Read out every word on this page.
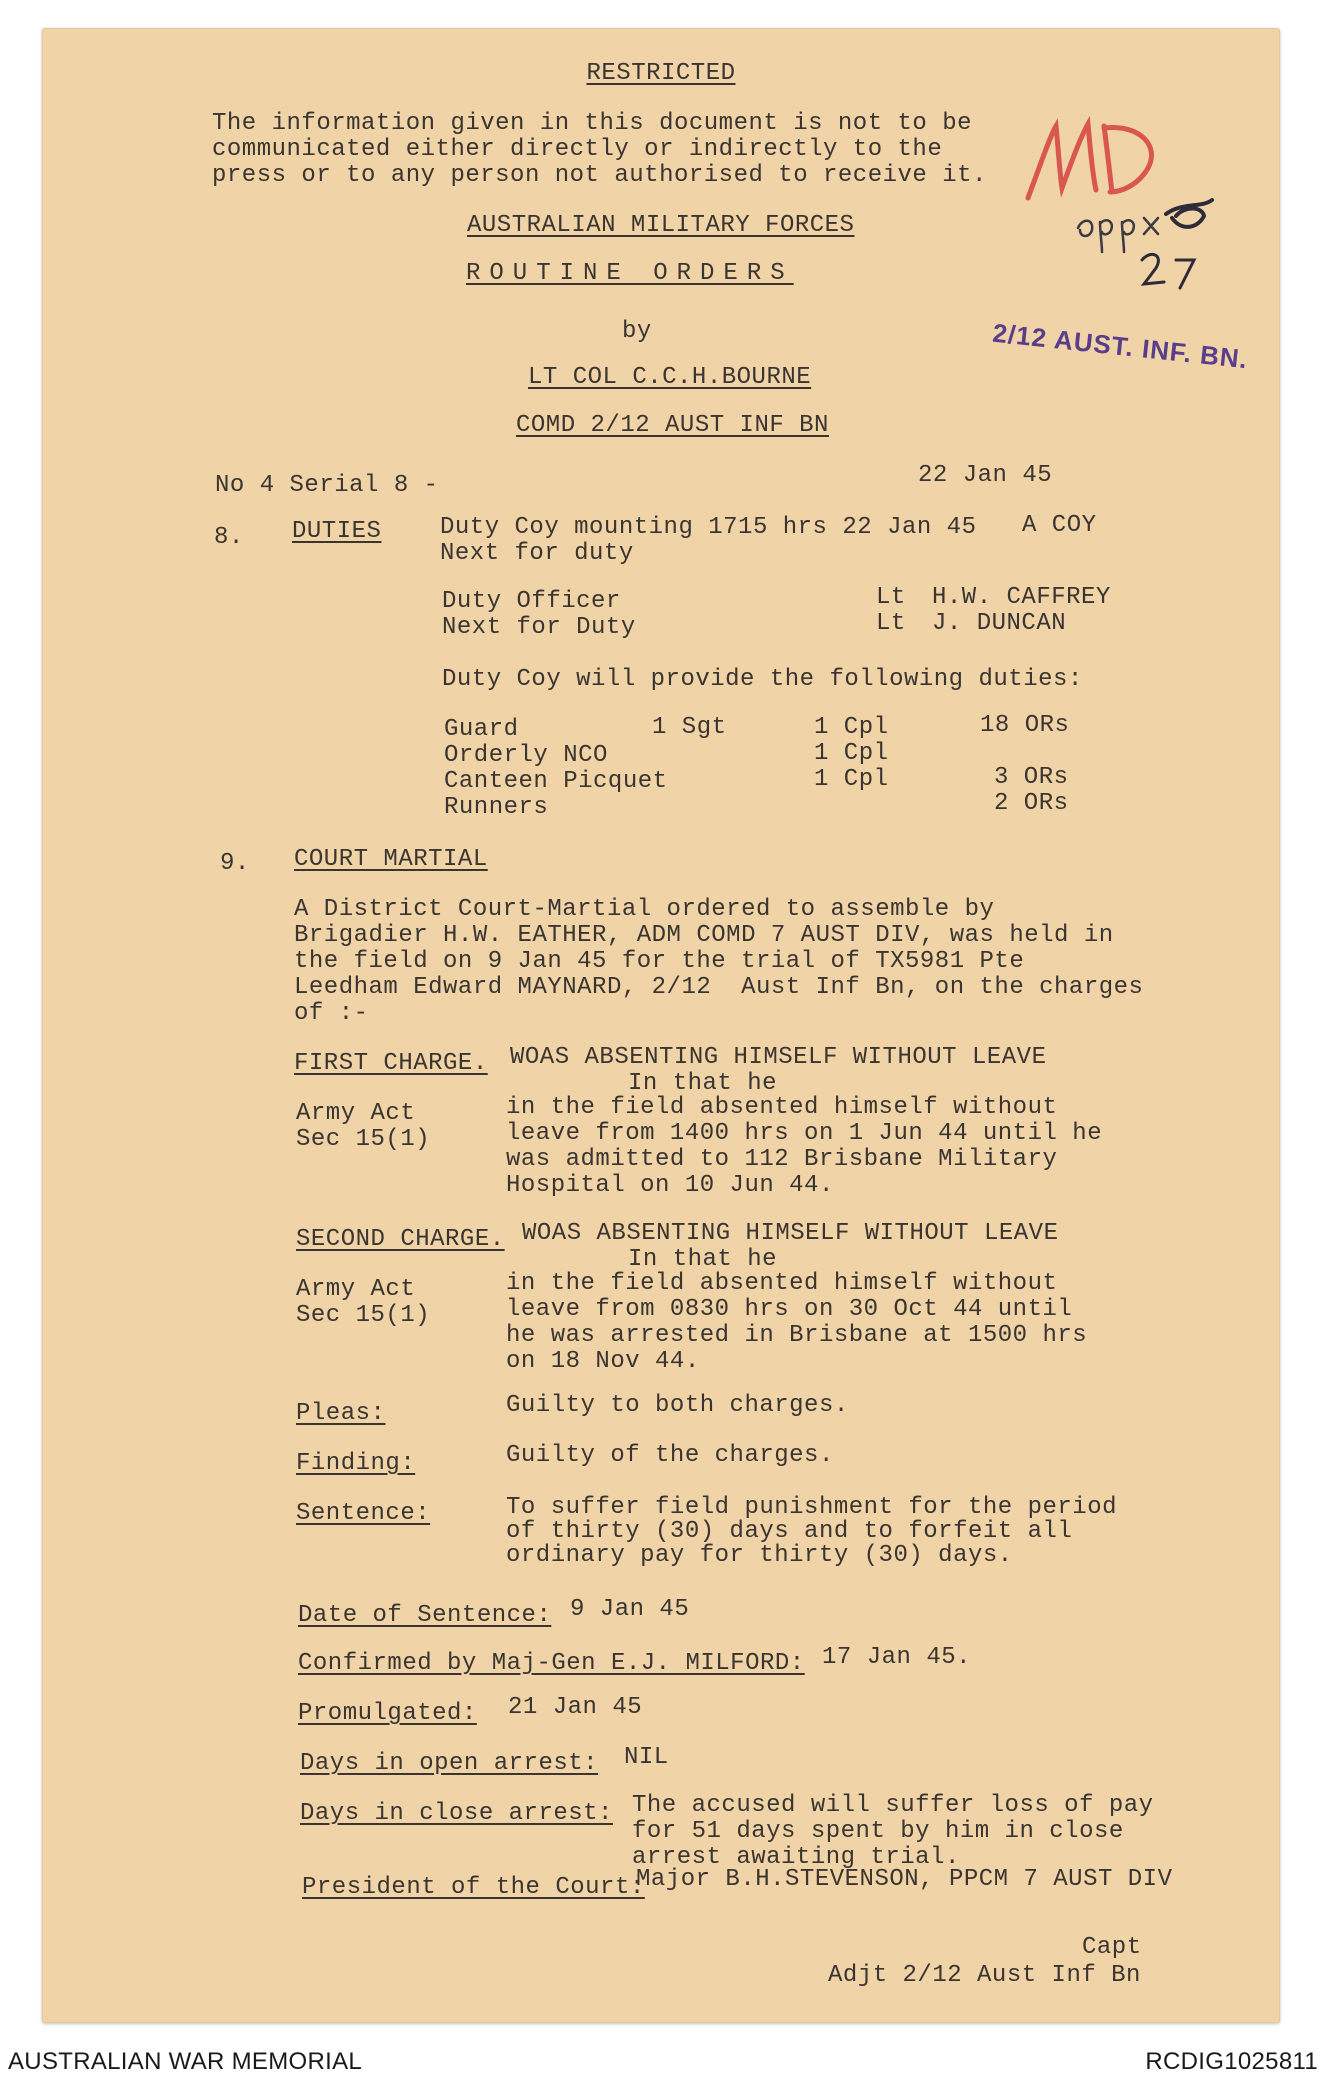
RESTRICTED
The information given in this document is not to be
communicated either directly or indirectly to the
press or to any person not authorised to receive it.
AUSTRALIAN MILITARY FORCES
ROUTINE ORDERS
by
LT COL C.C.H.BOURNE
COMD 2/12 AUST INF BN
2/12 AUST. INF. BN.
No 4 Serial 8 -	22 Jan 45
8. DUTIES Duty Coy mounting 1715 hrs 22 Jan 45 A COY
Next for duty
Duty Officer	Lt H.W. CAFFREY
Next for Duty	Lt J. DUNCAN
Duty Coy will provide the following duties:
Guard	1 Sgt	1 Cpl	18 ORs
Orderly NCO	1 Cpl
Canteen Picquet	1 Cpl	3 ORs
Runners	2 ORs
9. COURT MARTIAL
A District Court-Martial ordered to assemble by
Brigadier H.W. EATHER, ADM COMD 7 AUST DIV, was held in
the field on 9 Jan 45 for the trial of TX5981 Pte
Leedham Edward MAYNARD, 2/12  Aust Inf Bn, on the charges
of :-
FIRST CHARGE. WOAS ABSENTING HIMSELF WITHOUT LEAVE
In that he
Army Act
Sec 15(1)
in the field absented himself without
leave from 1400 hrs on 1 Jun 44 until he
was admitted to 112 Brisbane Military
Hospital on 10 Jun 44.
SECOND CHARGE. WOAS ABSENTING HIMSELF WITHOUT LEAVE
In that he
Army Act
Sec 15(1)
in the field absented himself without
leave from 0830 hrs on 30 Oct 44 until
he was arrested in Brisbane at 1500 hrs
on 18 Nov 44.
Pleas:	Guilty to both charges.
Finding:	Guilty of the charges.
Sentence:	To suffer field punishment for the period
of thirty (30) days and to forfeit all
ordinary pay for thirty (30) days.
Date of Sentence: 9 Jan 45
Confirmed by Maj-Gen E.J. MILFORD: 17 Jan 45.
Promulgated: 21 Jan 45
Days in open arrest: NIL
Days in close arrest: The accused will suffer loss of pay
for 51 days spent by him in close
arrest awaiting trial.
President of the Court:
Major B.H.STEVENSON, PPCM 7 AUST DIV
Capt
Adjt 2/12 Aust Inf Bn
AUSTRALIAN WAR MEMORIAL	RCDIG1025811
